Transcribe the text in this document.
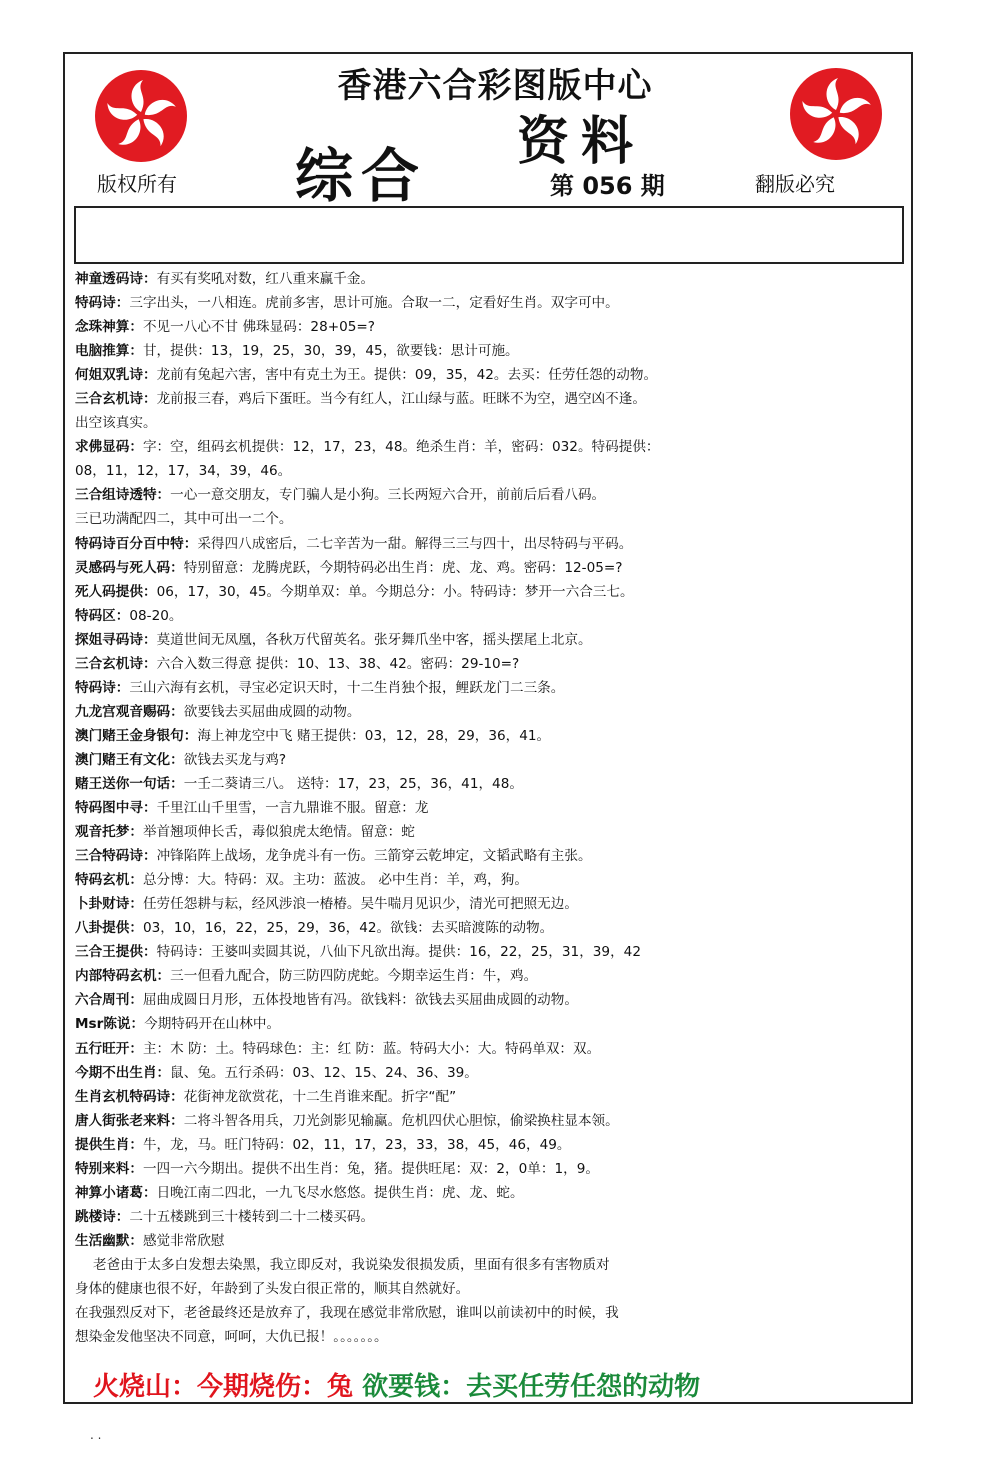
香港六合彩图版中心
版权所有	翻版必究
综合
资料
第 056 期
神童透码诗：有买有奖吼对数，红八重来赢千金。
特码诗：三字出头，一八相连。虎前多害，思计可施。合取一二，定看好生肖。双字可中。
念珠神算：不见一八心不甘 佛珠显码：28+05=?
电脑推算：甘，提供：13，19，25，30，39，45，欲要钱：思计可施。
何姐双乳诗：龙前有兔起六害，害中有克土为王。提供：09，35，42。去买：任劳任怨的动物。
三合玄机诗：龙前报三春，鸡后下蛋旺。当今有红人，江山绿与蓝。旺眯不为空，遇空凶不逢。
出空该真实。
求佛显码：字：空，组码玄机提供：12，17，23，48。绝杀生肖：羊，密码：032。特码提供：
08，11，12，17，34，39，46。
三合组诗透特：一心一意交朋友，专门骗人是小狗。三长两短六合开，前前后后看八码。
三已功满配四二，其中可出一二个。
特码诗百分百中特：采得四八成密后，二七辛苦为一甜。解得三三与四十，出尽特码与平码。
灵感码与死人码：特别留意：龙腾虎跃，今期特码必出生肖：虎、龙、鸡。密码：12-05=?
死人码提供：06，17，30，45。今期单双：单。今期总分：小。特码诗：梦开一六合三七。
特码区：08-20。
探姐寻码诗：莫道世间无凤凰，各秋万代留英名。张牙舞爪坐中客，摇头摆尾上北京。
三合玄机诗：六合入数三得意 提供：10、13、38、42。密码：29-10=?
特码诗：三山六海有玄机，寻宝必定识天时，十二生肖独个报，鲤跃龙门二三条。
九龙宫观音赐码：欲要钱去买屈曲成圆的动物。
澳门赌王金身银句：海上神龙空中飞 赌王提供：03，12，28，29，36，41。
澳门赌王有文化：欲钱去买龙与鸡?
赌王送你一句话：一壬二葵请三八。 送特：17，23，25，36，41，48。
特码图中寻：千里江山千里雪，一言九鼎谁不服。留意：龙
观音托梦：举首翘项伸长舌，毒似狼虎太绝情。留意：蛇
三合特码诗：冲锋陷阵上战场，龙争虎斗有一伤。三箭穿云乾坤定，文韬武略有主张。
特码玄机：总分博：大。特码：双。主功：蓝波。 必中生肖：羊，鸡，狗。
卜卦财诗：任劳任怨耕与耘，经风涉浪一椿椿。吴牛喘月见识少，清光可把照无边。
八卦提供：03，10，16，22，25，29，36，42。欲钱：去买暗渡陈的动物。
三合王提供：特码诗：王婆叫卖圆其说，八仙下凡欲出海。提供：16，22，25，31，39，42
内部特码玄机：三一但看九配合，防三防四防虎蛇。今期幸运生肖：牛，鸡。
六合周刊：屈曲成圆日月形，五体投地皆有冯。欲钱料：欲钱去买屈曲成圆的动物。
Msr陈说：今期特码开在山林中。
五行旺开：主：木 防：土。特码球色：主：红 防：蓝。特码大小：大。特码单双：双。
今期不出生肖：鼠、兔。五行杀码：03、12、15、24、36、39。
生肖玄机特码诗：花街神龙欲赏花，十二生肖谁来配。折字“配”
唐人街张老来料：二将斗智各用兵，刀光剑影见输赢。危机四伏心胆惊，偷梁换柱显本领。
提供生肖：牛，龙，马。旺门特码：02，11，17，23，33，38，45，46，49。
特别来料：一四一六今期出。提供不出生肖：兔，猪。提供旺尾：双：2，0单：1，9。
神算小诸葛：日晚江南二四北，一九飞尽水悠悠。提供生肖：虎、龙、蛇。
跳楼诗：二十五楼跳到三十楼转到二十二楼买码。
生活幽默：感觉非常欣慰
老爸由于太多白发想去染黑，我立即反对，我说染发很损发质，里面有很多有害物质对
身体的健康也很不好，年龄到了头发白很正常的，顺其自然就好。
在我强烈反对下，老爸最终还是放弃了，我现在感觉非常欣慰，谁叫以前读初中的时候，我
想染金发他坚决不同意，呵呵，大仇已报！。。。。。。。
火烧山：今期烧伤：兔 欲要钱：去买任劳任怨的动物
. .
